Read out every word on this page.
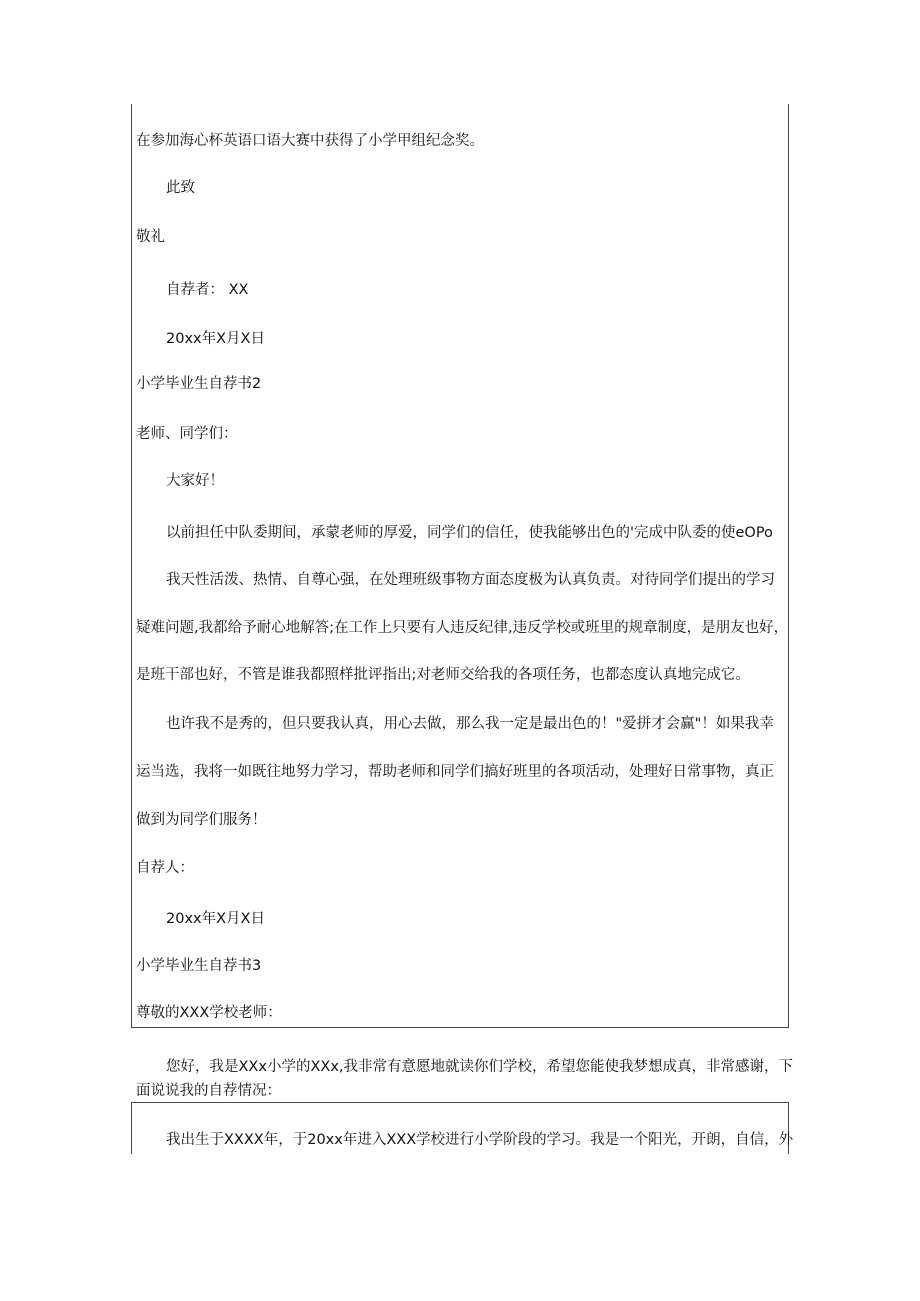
在参加海心杯英语口语大赛中获得了小学甲组纪念奖。

此致

敬礼

自荐者： XX

20xx年X月X日

小学毕业生自荐书2

老师、同学们：

大家好！

以前担任中队委期间，承蒙老师的厚爱，同学们的信任，使我能够出色的'完成中队委的使eOPo

我天性活泼、热情、自尊心强，在处理班级事物方面态度极为认真负责。对待同学们提出的学习

疑难问题,我都给予耐心地解答;在工作上只要有人违反纪律,违反学校或班里的规章制度，是朋友也好，

是班干部也好，不管是谁我都照样批评指出;对老师交给我的各项任务，也都态度认真地完成它。

也许我不是秀的，但只要我认真，用心去做，那么我一定是最出色的！"爱拼才会赢"！如果我幸

运当选，我将一如既往地努力学习，帮助老师和同学们搞好班里的各项活动，处理好日常事物，真正

做到为同学们服务！

自荐人：

20xx年X月X日

小学毕业生自荐书3

尊敬的XXX学校老师：

您好，我是XXx小学的XXx,我非常有意愿地就读你们学校，希望您能使我梦想成真，非常感谢，下

面说说我的自荐情况：

我出生于XXXX年，于20xx年进入XXX学校进行小学阶段的学习。我是一个阳光，开朗，自信，外
